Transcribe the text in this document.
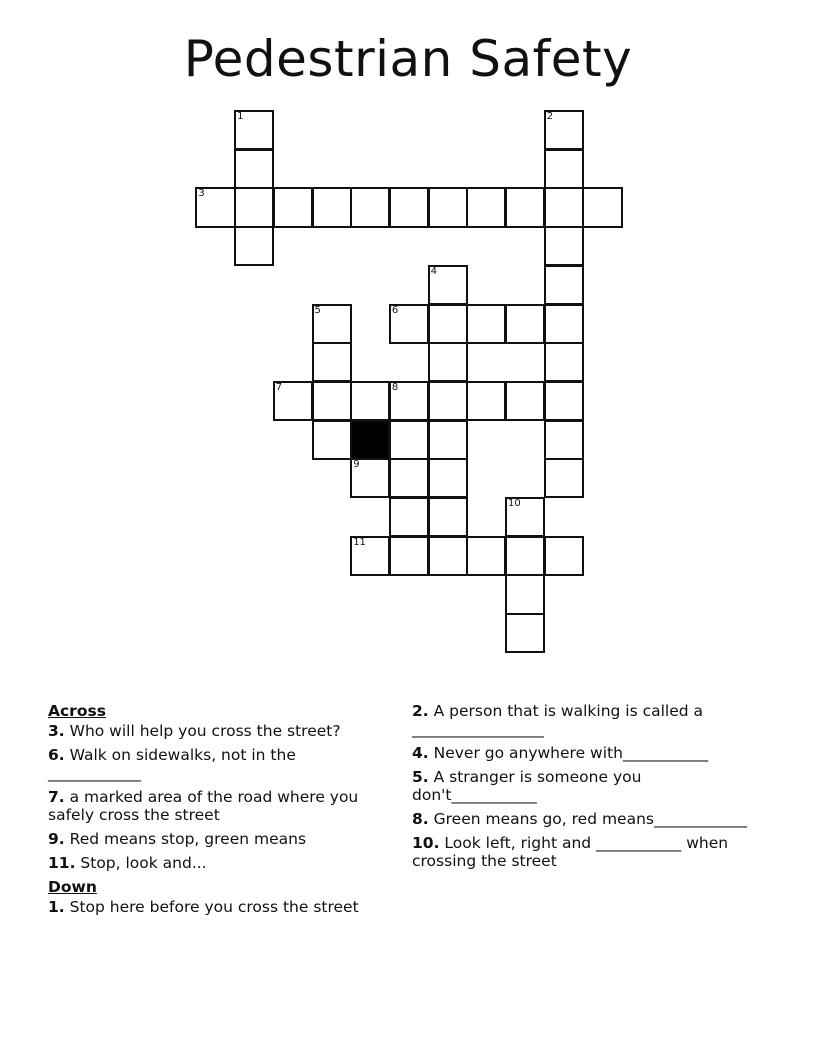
Pedestrian Safety
1	2
3
4
5	6
7	8
9
10
11
Across
3. Who will help you cross the street?
6. Walk on sidewalks, not in the ____________
7. a marked area of the road where you safely cross the street
9. Red means stop, green means
11. Stop, look and...
Down
1. Stop here before you cross the street
2. A person that is walking is called a _________________
4. Never go anywhere with___________
5. A stranger is someone you don't___________
8. Green means go, red means____________
10. Look left, right and ___________ when crossing the street
